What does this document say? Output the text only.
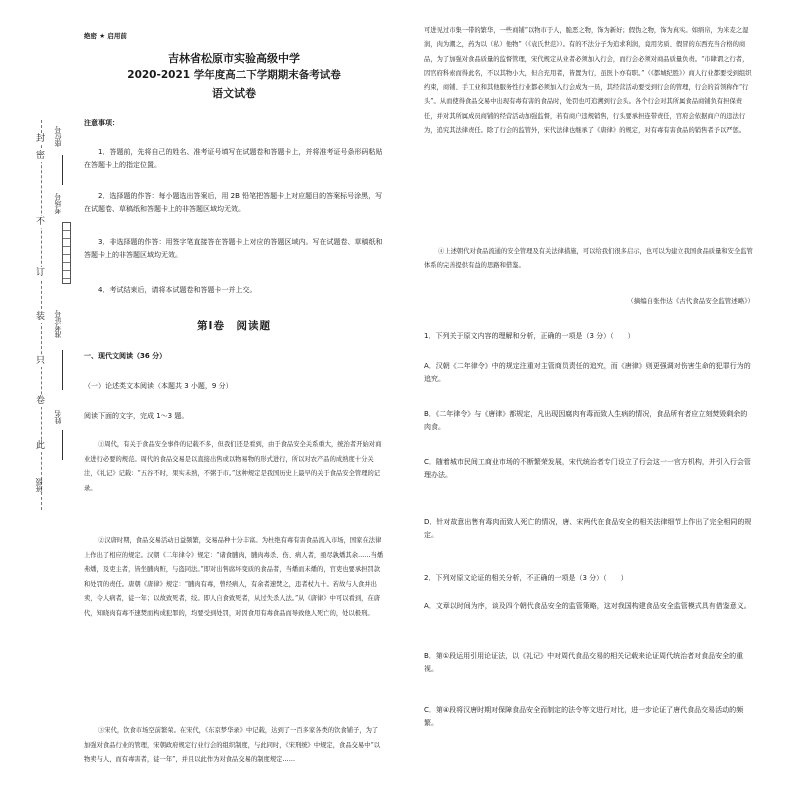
封
密
不
订
装
只
卷
此
座位号
考场号
准考证号
姓名
班级
绝密 ★ 启用前
吉林省松原市实验高级中学
2020-2021 学年度高二下学期期末备考试卷
语文试卷
注意事项：
1．答题前，先将自己的姓名、准考证号填写在试题卷和答题卡上，并将准考证号条形码粘贴在答题卡上的指定位置。
2．选择题的作答：每小题选出答案后，用 2B 铅笔把答题卡上对应题目的答案标号涂黑，写在试题卷、草稿纸和答题卡上的非答题区域均无效。
3．非选择题的作答：用签字笔直接答在答题卡上对应的答题区域内。写在试题卷、草稿纸和答题卡上的非答题区域均无效。
4．考试结束后，请将本试题卷和答题卡一并上交。
第Ⅰ卷　阅读题
一、现代文阅读（36 分）
（一）论述类文本阅读（本题共 3 小题，9 分）
阅读下面的文字，完成 1～3 题。
①周代，有关于食品安全事件的记载不多，但我们还是看到，由于食品安全关系重大，统治者开始对商业进行必要的规范。周代的食品交易是以直接出售或以物易物的形式进行，所以对农产品的成熟度十分关注，《礼记》记载：“五谷不时，果实未熟，不粥于市。”这种规定是我国历史上最早的关于食品安全管理的记录。
②汉唐时期，食品交易活动日益频繁，交易品种十分丰富。为杜绝有毒有害食品流入市场，国家在法律上作出了相应的规定。汉朝《二年律令》规定：“诸食脯肉，脯肉毒杀、伤、病人者，亟尽孰燔其余……当燔弗燔，及吏主者，皆坐脯肉赃，与盗同法。”即对出售腐坏变质的食品者，当燔而未燔的，官吏也要承担罚款和处罚的责任。唐朝《唐律》规定：“脯肉有毒，曾经病人，有余者速焚之，违者杖九十。若故与人食并出卖，令人病者，徒一年；以故致死者，绞。即人自食致死者，从过失杀人法。”从《唐律》中可以看到，在唐代，知晓肉有毒不速焚而构成犯罪的，均要受到处罚，对因食用有毒食品而导致他人死亡的，处以极刑。
③宋代，饮食市场空前繁荣。在宋代，《东京梦华录》中记载，达到了一百多家各类的饮食铺子，为了加强对食品行业的管理，宋朝政府规定行业行会的组织制度，与此同时，《宋刑统》中规定，食品交易中“以物卖与人，而有毒害者，徒一年”，并且以此作为对食品交易的制度规定……
可进见过市集一带的繁华，一些商铺“以物市于人，脆恶之物，饰为新好；假伪之物，饰为真实。如绢帛，为米麦之湿润，肉为潮之，药为以（私）他物”（《袁氏世范》）。有的不法分子为追求利润，竟用劣质、假冒的东西充当合格的商品，为了加强对食品质量的监督管理，宋代规定从业者必须加入行会，而行会必须对商品质量负责。“市肆谓之行者，因官府科索而得此名，不以其物小大，但合充用者，皆置为行，虽医卜亦有职。”（《都城纪胜》）商人行业都要受到组织约束，商铺、手工业和其他服务性行业都必须加入行会成为一员，其经营活动要受到行会的管理，行会的首领称作“行头”。从而使得食品交易中出现有毒有害的食品时，处罚也可追溯到行会头。各个行会对其所属食品商铺负有担保责任，并对其所属成员商铺的经营活动加强监督，若有商户违规销售，行头要承担连带责任，官府会依据商户的违法行为，追究其法律责任。除了行会的监管外，宋代法律也继承了《唐律》的规定，对有毒有害食品的销售者予以严惩。
④上述朝代对食品流通的安全管理及有关法律措施，可以给我们很多启示，也可以为建立我国食品质量和安全监管体系的完善提供有益的思路和借鉴。
（摘编自张作达《古代食品安全监管述略》）
1．下列关于原文内容的理解和分析，正确的一项是（3 分）（　　）
A．汉朝《二年律令》中的规定注重对主管商员责任的追究，而《唐律》则更强调对伤害生命的犯罪行为的追究。
B．《二年律令》与《唐律》都规定，凡出现因腐肉有毒而致人生病的情况，食品所有者应立刻焚毁剩余的肉食。
C．随着城市民间工商业市场的不断繁荣发展，宋代统治者专门设立了行会这一一官方机构，并引入行会管理办法。
D．针对故意出售有毒肉而致人死亡的情况，唐、宋两代在食品安全的相关法律细节上作出了完全相同的规定。
2．下列对原文论证的相关分析，不正确的一项是（3 分）（　　）
A．文章以时间为序，谈及四个朝代食品安全的监管策略，这对我国构建食品安全监管模式具有借鉴意义。
B．第①段运用引用论证法，以《礼记》中对周代食品交易的相关记载来论证周代统治者对食品安全的重视。
C．第④段将汉唐时期对保障食品安全而制定的法令等文进行对比，进一步论证了唐代食品交易活动的频繁。
